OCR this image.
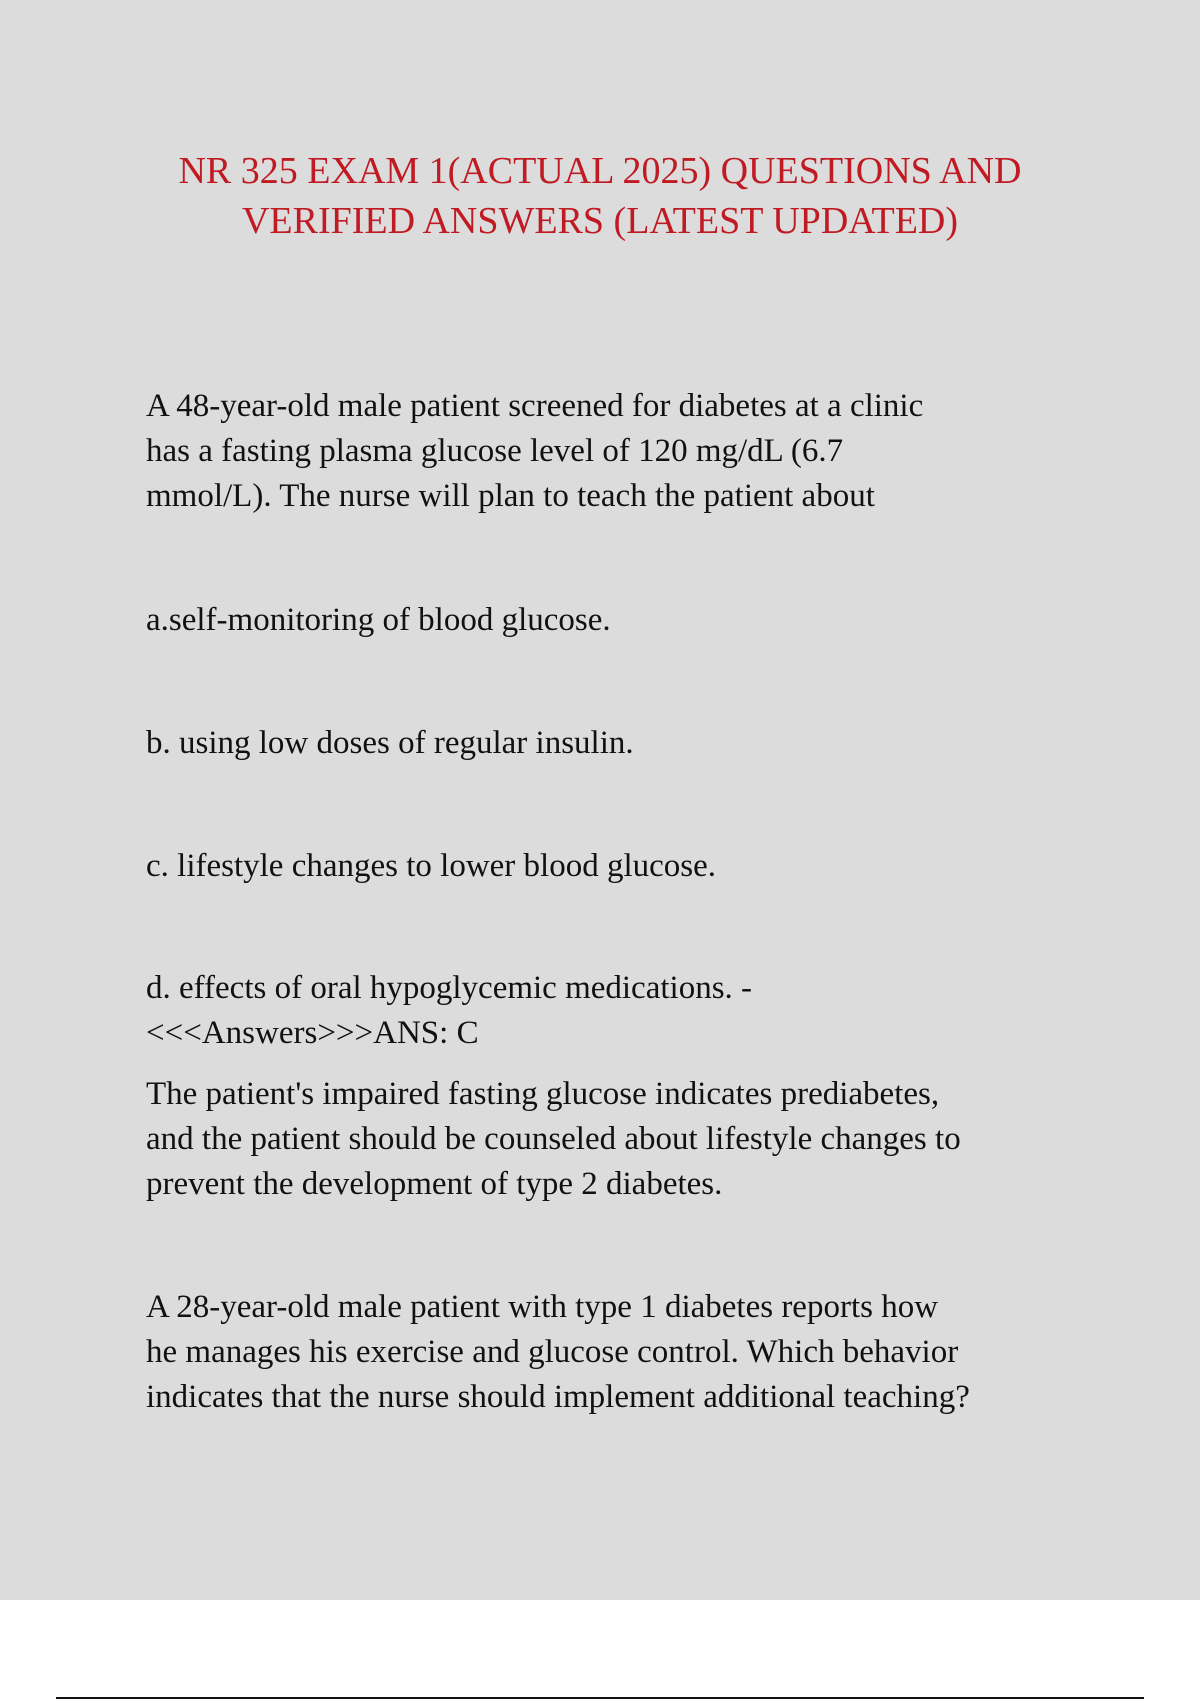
NR 325 EXAM 1(ACTUAL 2025) QUESTIONS AND
VERIFIED ANSWERS (LATEST UPDATED)

A 48-year-old male patient screened for diabetes at a clinic
has a fasting plasma glucose level of 120 mg/dL (6.7
mmol/L). The nurse will plan to teach the patient about

a.self-monitoring of blood glucose.

b. using low doses of regular insulin.

c. lifestyle changes to lower blood glucose.

d. effects of oral hypoglycemic medications. -
<<<Answers>>>ANS: C

The patient's impaired fasting glucose indicates prediabetes,
and the patient should be counseled about lifestyle changes to
prevent the development of type 2 diabetes.

A 28-year-old male patient with type 1 diabetes reports how
he manages his exercise and glucose control. Which behavior
indicates that the nurse should implement additional teaching?
